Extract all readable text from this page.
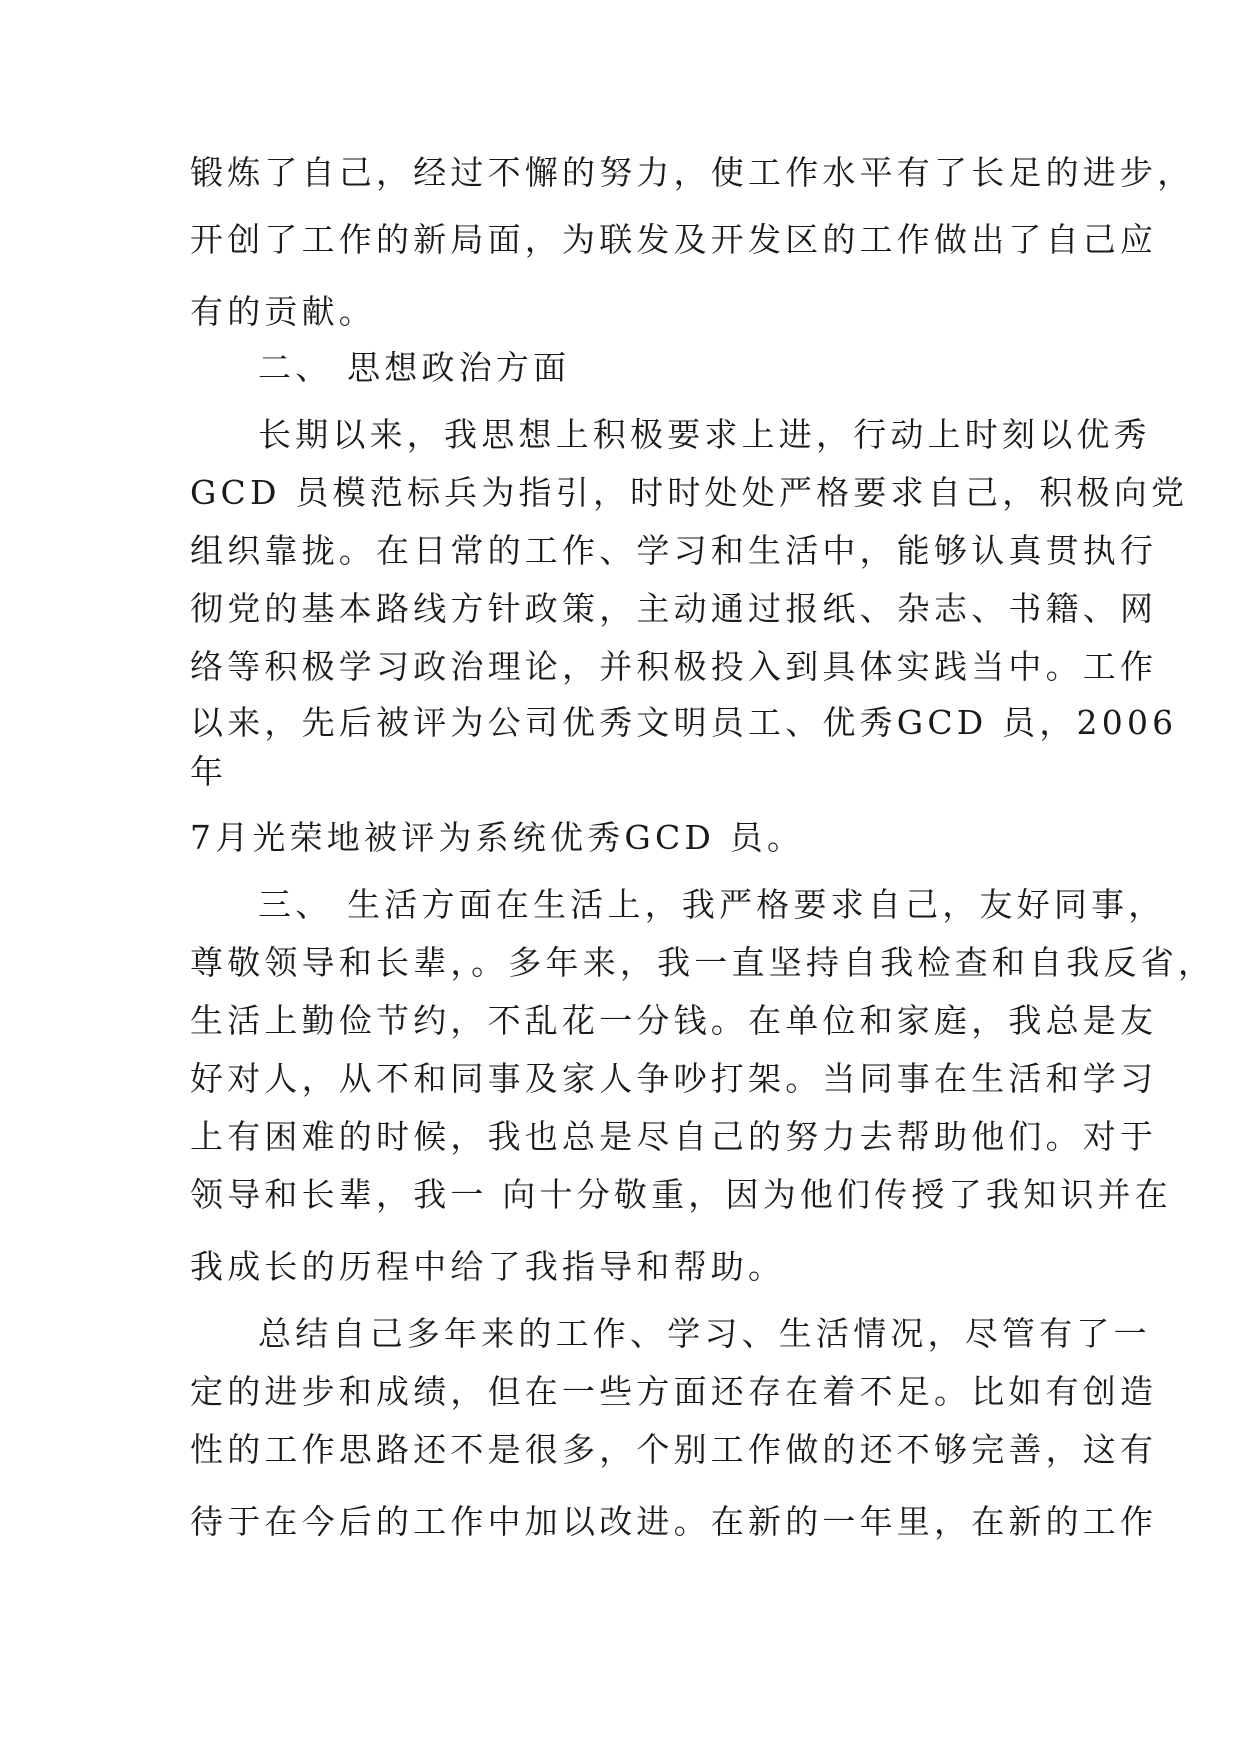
锻炼了自己，经过不懈的努力，使工作水平有了长足的进步，
开创了工作的新局面，为联发及开发区的工作做出了自己应
有的贡献。
二、 思想政治方面
长期以来，我思想上积极要求上进，行动上时刻以优秀
GCD 员模范标兵为指引，时时处处严格要求自己，积极向党
组织靠拢。在日常的工作、学习和生活中，能够认真贯执行
彻党的基本路线方针政策，主动通过报纸、杂志、书籍、网
络等积极学习政治理论，并积极投入到具体实践当中。工作
以来，先后被评为公司优秀文明员工、优秀GCD 员，2006
年
7月光荣地被评为系统优秀GCD 员。
三、 生活方面在生活上，我严格要求自己，友好同事，
尊敬领导和长辈，。多年来，我一直坚持自我检查和自我反省，
生活上勤俭节约，不乱花一分钱。在单位和家庭，我总是友
好对人，从不和同事及家人争吵打架。当同事在生活和学习
上有困难的时候，我也总是尽自己的努力去帮助他们。对于
领导和长辈，我一 向十分敬重，因为他们传授了我知识并在
我成长的历程中给了我指导和帮助。
总结自己多年来的工作、学习、生活情况，尽管有了一
定的进步和成绩，但在一些方面还存在着不足。比如有创造
性的工作思路还不是很多，个别工作做的还不够完善，这有
待于在今后的工作中加以改进。在新的一年里，在新的工作
